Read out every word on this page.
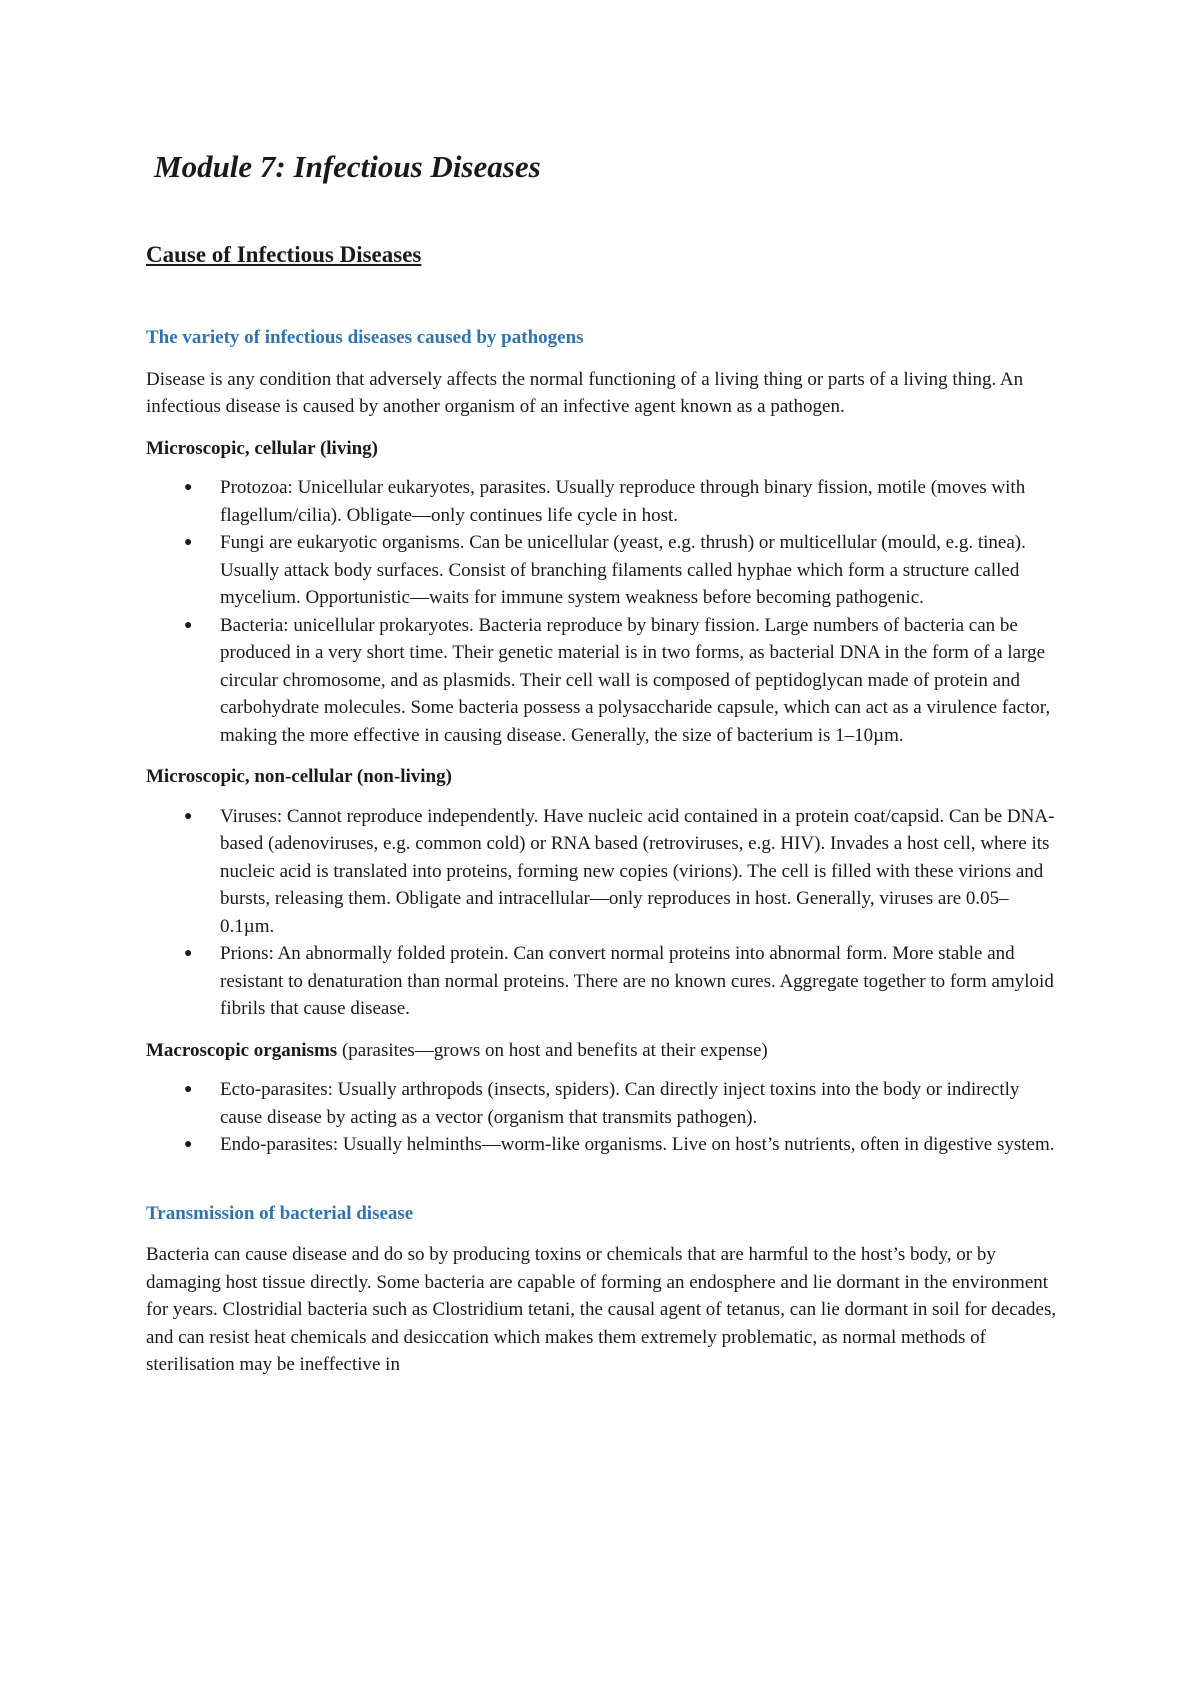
Module 7: Infectious Diseases
Cause of Infectious Diseases
The variety of infectious diseases caused by pathogens

Disease is any condition that adversely affects the normal functioning of a living thing or parts of a living thing. An infectious disease is caused by another organism of an infective agent known as a pathogen.

Microscopic, cellular (living)
● Protozoa: Unicellular eukaryotes, parasites. Usually reproduce through binary fission, motile (moves with flagellum/cilia). Obligate—only continues life cycle in host.
● Fungi are eukaryotic organisms. Can be unicellular (yeast, e.g. thrush) or multicellular (mould, e.g. tinea). Usually attack body surfaces. Consist of branching filaments called hyphae which form a structure called mycelium. Opportunistic—waits for immune system weakness before becoming pathogenic.
● Bacteria: unicellular prokaryotes. Bacteria reproduce by binary fission. Large numbers of bacteria can be produced in a very short time. Their genetic material is in two forms, as bacterial DNA in the form of a large circular chromosome, and as plasmids. Their cell wall is composed of peptidoglycan made of protein and carbohydrate molecules. Some bacteria possess a polysaccharide capsule, which can act as a virulence factor, making the more effective in causing disease. Generally, the size of bacterium is 1–10µm.
Microscopic, non-cellular (non-living)
● Viruses: Cannot reproduce independently. Have nucleic acid contained in a protein coat/capsid. Can be DNA-based (adenoviruses, e.g. common cold) or RNA based (retroviruses, e.g. HIV). Invades a host cell, where its nucleic acid is translated into proteins, forming new copies (virions). The cell is filled with these virions and bursts, releasing them. Obligate and intracellular—only reproduces in host. Generally, viruses are 0.05–0.1µm.
● Prions: An abnormally folded protein. Can convert normal proteins into abnormal form. More stable and resistant to denaturation than normal proteins. There are no known cures. Aggregate together to form amyloid fibrils that cause disease.
Macroscopic organisms (parasites—grows on host and benefits at their expense)
● Ecto-parasites: Usually arthropods (insects, spiders). Can directly inject toxins into the body or indirectly cause disease by acting as a vector (organism that transmits pathogen).
● Endo-parasites: Usually helminths—worm-like organisms. Live on host’s nutrients, often in digestive system.
Transmission of bacterial disease

Bacteria can cause disease and do so by producing toxins or chemicals that are harmful to the host’s body, or by damaging host tissue directly. Some bacteria are capable of forming an endosphere and lie dormant in the environment for years. Clostridial bacteria such as Clostridium tetani, the causal agent of tetanus, can lie dormant in soil for decades, and can resist heat chemicals and desiccation which makes them extremely problematic, as normal methods of sterilisation may be ineffective in
